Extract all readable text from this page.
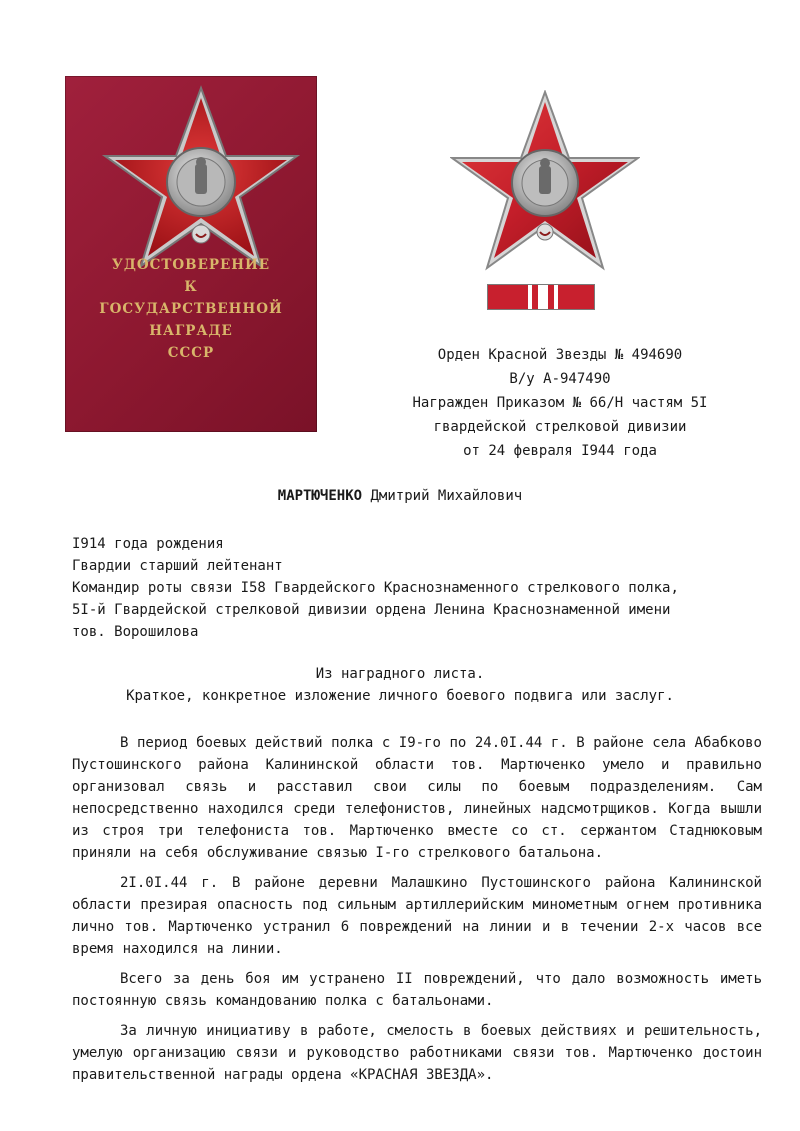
УДОСТОВЕРЕНИЕ
К
ГОСУДАРСТВЕННОЙ
НАГРАДЕ
СССР	Орден Красной Звезды № 494690
В/у А-947490
Награжден Приказом № 66/Н частям 5I
гвардейской стрелковой дивизии
от 24 февраля I944 года
МАРТЮЧЕНКО Дмитрий Михайлович
I914 года рождения
Гвардии старший лейтенант
Командир роты связи I58 Гвардейского Краснознаменного стрелкового полка,
5I-й Гвардейской стрелковой дивизии ордена Ленина Краснознаменной имени
тов. Ворошилова
Из наградного листа.
Краткое, конкретное изложение личного боевого подвига или заслуг.

В период боевых действий полка с I9-го по 24.0I.44 г. В районе села Абабково Пустошинского района Калининской области тов. Мартюченко умело и правильно организовал связь и расставил свои силы по боевым подразделениям. Сам непосредственно находился среди телефонистов, линейных надсмотрщиков. Когда вышли из строя три телефониста тов. Мартюченко вместе со ст. сержантом Стаднюковым приняли на себя обслуживание связью I-го стрелкового батальона.

2I.0I.44 г. В районе деревни Малашкино Пустошинского района Калининской области презирая опасность под сильным артиллерийским минометным огнем противника лично тов. Мартюченко устранил 6 повреждений на линии и в течении 2-х часов все время находился на линии.

Всего за день боя им устранено II повреждений, что дало возможность иметь постоянную связь командованию полка с батальонами.

За личную инициативу в работе, смелость в боевых действиях и решительность, умелую организацию связи и руководство работниками связи тов. Мартюченко достоин правительственной награды ордена «КРАСНАЯ ЗВЕЗДА».
